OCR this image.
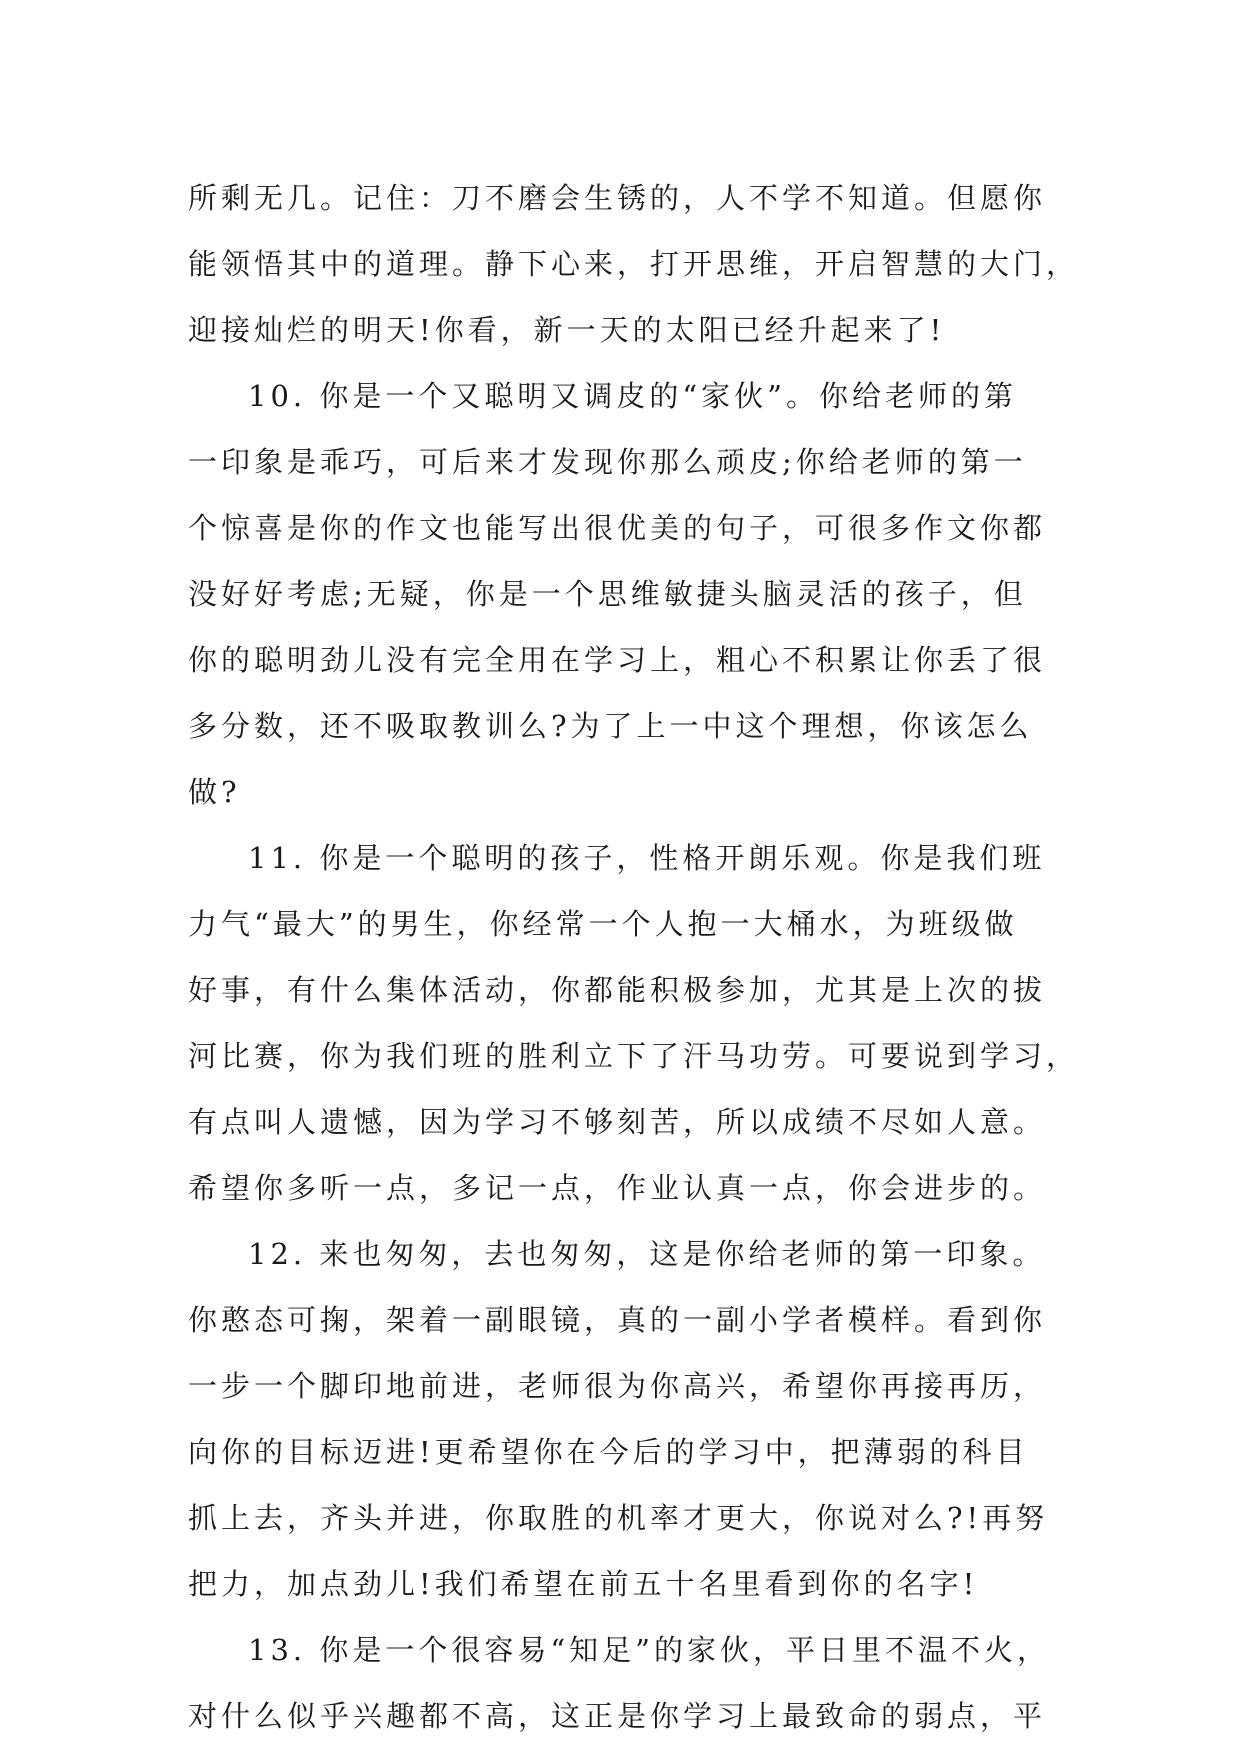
所剩无几。记住：刀不磨会生锈的，人不学不知道。但愿你

能领悟其中的道理。静下心来，打开思维，开启智慧的大门，

迎接灿烂的明天!你看，新一天的太阳已经升起来了!

10. 你是一个又聪明又调皮的“家伙”。你给老师的第

一印象是乖巧，可后来才发现你那么顽皮;你给老师的第一

个惊喜是你的作文也能写出很优美的句子，可很多作文你都

没好好考虑;无疑，你是一个思维敏捷头脑灵活的孩子，但

你的聪明劲儿没有完全用在学习上，粗心不积累让你丢了很

多分数，还不吸取教训么?为了上一中这个理想，你该怎么

做?

11. 你是一个聪明的孩子，性格开朗乐观。你是我们班

力气“最大”的男生，你经常一个人抱一大桶水，为班级做

好事，有什么集体活动，你都能积极参加，尤其是上次的拔

河比赛，你为我们班的胜利立下了汗马功劳。可要说到学习，

有点叫人遗憾，因为学习不够刻苦，所以成绩不尽如人意。

希望你多听一点，多记一点，作业认真一点，你会进步的。

12. 来也匆匆，去也匆匆，这是你给老师的第一印象。

你憨态可掬，架着一副眼镜，真的一副小学者模样。看到你

一步一个脚印地前进，老师很为你高兴，希望你再接再历，

向你的目标迈进!更希望你在今后的学习中，把薄弱的科目

抓上去，齐头并进，你取胜的机率才更大，你说对么?!再努

把力，加点劲儿!我们希望在前五十名里看到你的名字!

13. 你是一个很容易“知足”的家伙，平日里不温不火，

对什么似乎兴趣都不高，这正是你学习上最致命的弱点，平
